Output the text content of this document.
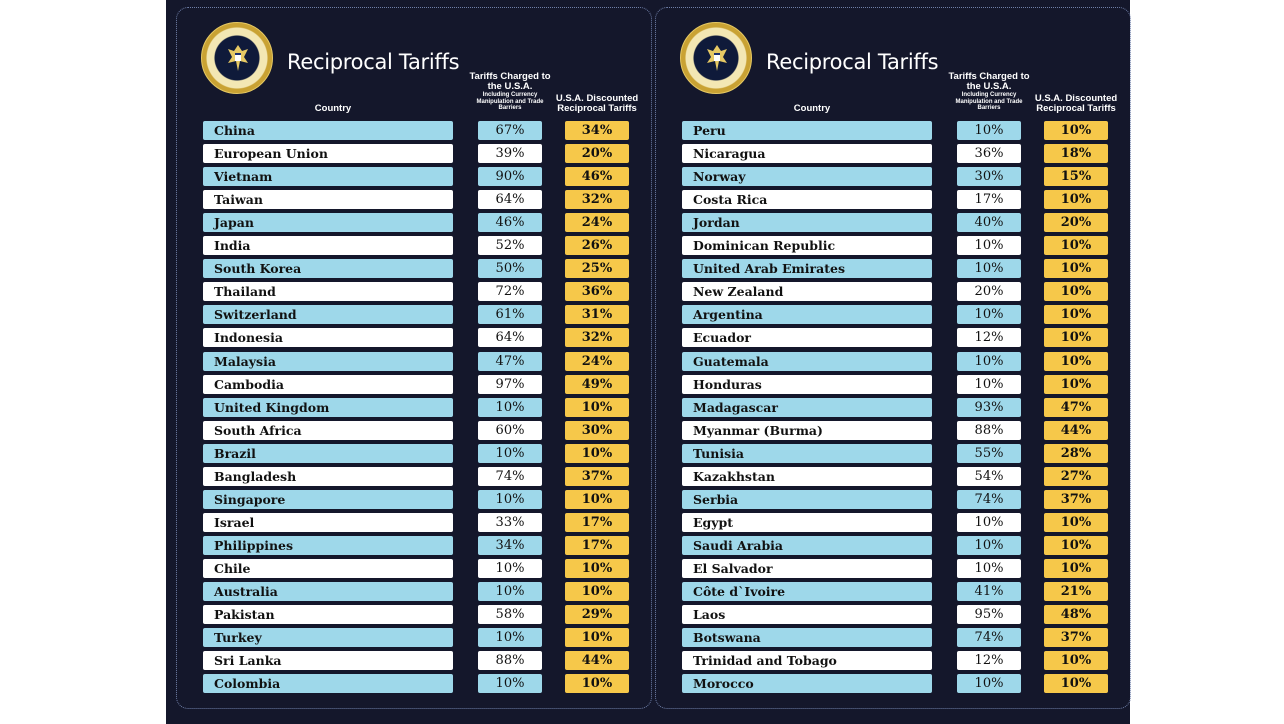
Reciprocal Tariffs
Country
Tariffs Charged to the U.S.A.
Including Currency Manipulation and Trade Barriers
U.S.A. Discounted Reciprocal Tariffs
China	67%	34%
European Union	39%	20%
Vietnam	90%	46%
Taiwan	64%	32%
Japan	46%	24%
India	52%	26%
South Korea	50%	25%
Thailand	72%	36%
Switzerland	61%	31%
Indonesia	64%	32%
Malaysia	47%	24%
Cambodia	97%	49%
United Kingdom	10%	10%
South Africa	60%	30%
Brazil	10%	10%
Bangladesh	74%	37%
Singapore	10%	10%
Israel	33%	17%
Philippines	34%	17%
Chile	10%	10%
Australia	10%	10%
Pakistan	58%	29%
Turkey	10%	10%
Sri Lanka	88%	44%
Colombia	10%	10%
Reciprocal Tariffs
Country
Tariffs Charged to the U.S.A.
Including Currency Manipulation and Trade Barriers
U.S.A. Discounted Reciprocal Tariffs
Peru	10%	10%
Nicaragua	36%	18%
Norway	30%	15%
Costa Rica	17%	10%
Jordan	40%	20%
Dominican Republic	10%	10%
United Arab Emirates	10%	10%
New Zealand	20%	10%
Argentina	10%	10%
Ecuador	12%	10%
Guatemala	10%	10%
Honduras	10%	10%
Madagascar	93%	47%
Myanmar (Burma)	88%	44%
Tunisia	55%	28%
Kazakhstan	54%	27%
Serbia	74%	37%
Egypt	10%	10%
Saudi Arabia	10%	10%
El Salvador	10%	10%
Côte d`Ivoire	41%	21%
Laos	95%	48%
Botswana	74%	37%
Trinidad and Tobago	12%	10%
Morocco	10%	10%
